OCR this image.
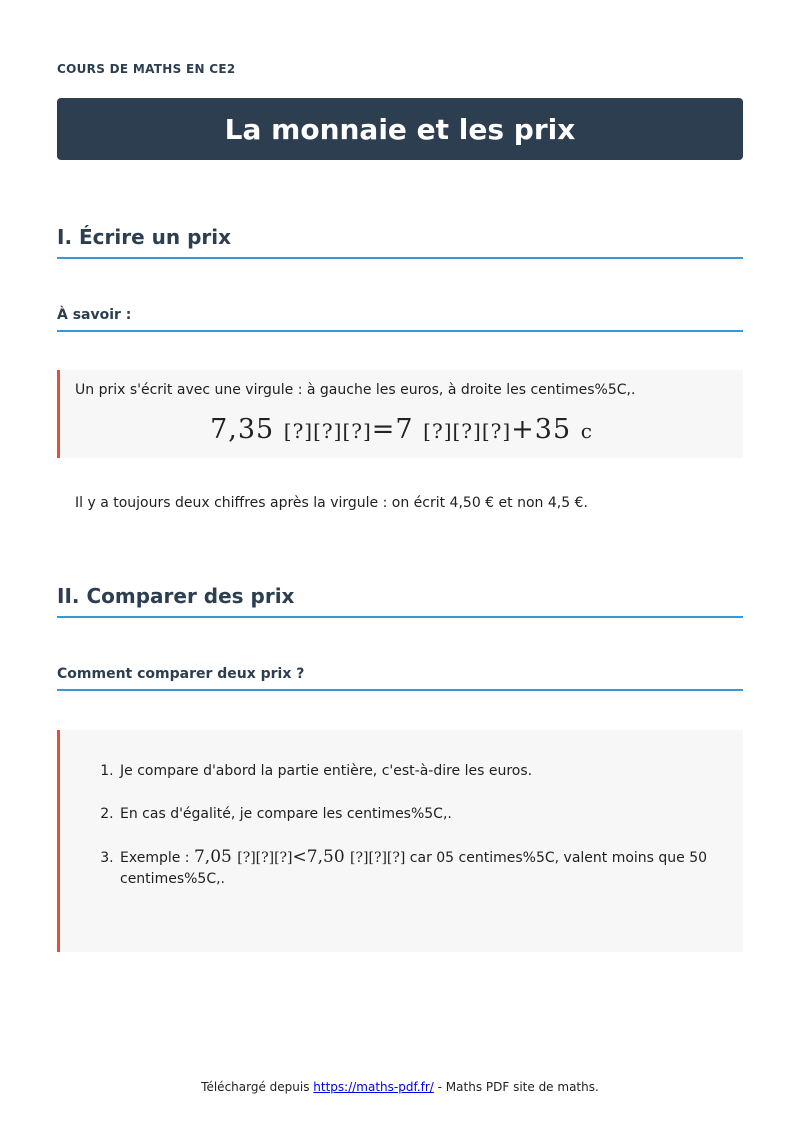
COURS DE MATHS EN CE2
La monnaie et les prix
I. Écrire un prix
À savoir :

Un prix s'écrit avec une virgule : à gauche les euros, à droite les centimes%5C,.

7,35 [?][?][?]=7 [?][?][?]+35 c

Il y a toujours deux chiffres après la virgule : on écrit 4,50 € et non 4,5 €.

II. Comparer des prix
Comment comparer deux prix ?
1. Je compare d'abord la partie entière, c'est-à-dire les euros.
2. En cas d'égalité, je compare les centimes%5C,.
3. Exemple : 7,05 [?][?][?]<7,50 [?][?][?] car 05 centimes%5C, valent moins que 50 centimes%5C,.
Téléchargé depuis https://maths-pdf.fr/ - Maths PDF site de maths.
